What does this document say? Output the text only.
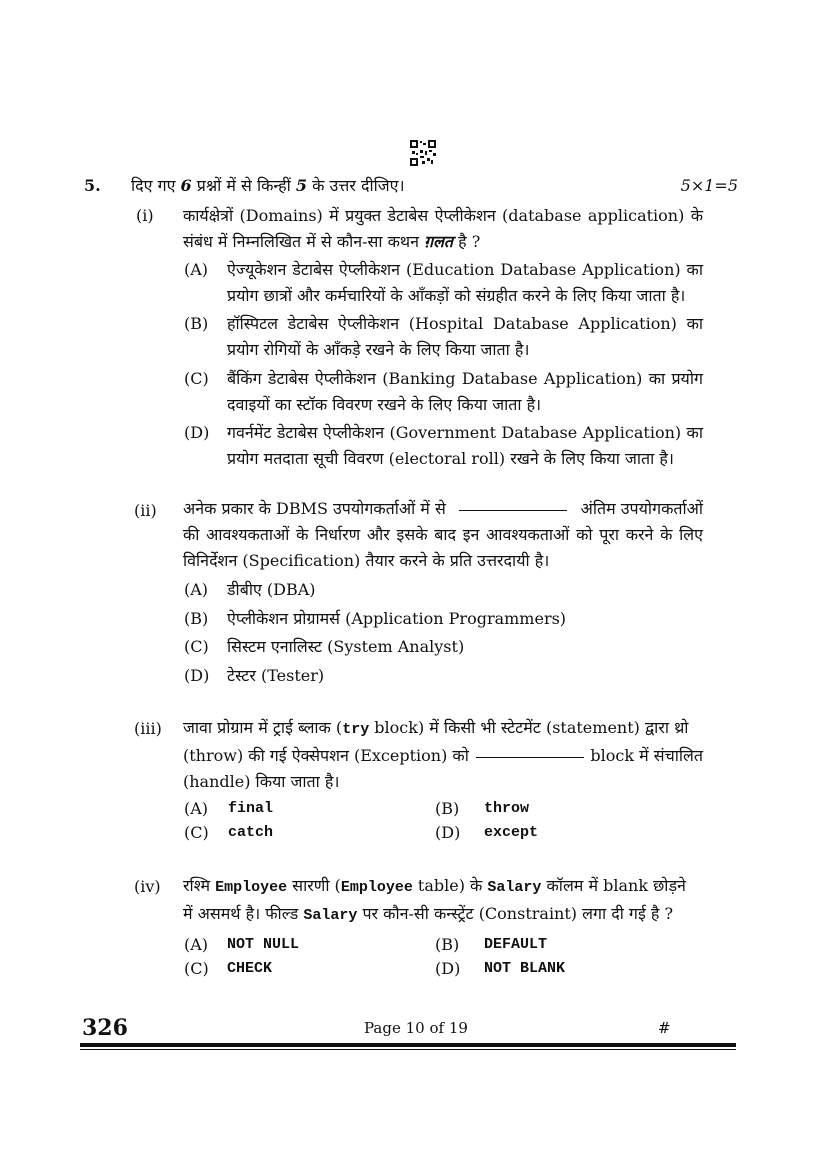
5. दिए गए 6 प्रश्नों में से किन्हीं 5 के उत्तर दीजिए।	5×1=5
(i) कार्यक्षेत्रों (Domains) में प्रयुक्त डेटाबेस ऐप्लीकेशन (database application) के
संबंध में निम्नलिखित में से कौन-सा कथन ग़लत है ?
(A) ऐज्यूकेशन डेटाबेस ऐप्लीकेशन (Education Database Application) का
प्रयोग छात्रों और कर्मचारियों के आँकड़ों को संग्रहीत करने के लिए किया जाता है।
(B) हॉस्पिटल डेटाबेस ऐप्लीकेशन (Hospital Database Application) का
प्रयोग रोगियों के आँकड़े रखने के लिए किया जाता है।
(C) बैंकिंग डेटाबेस ऐप्लीकेशन (Banking Database Application) का प्रयोग
दवाइयों का स्टॉक विवरण रखने के लिए किया जाता है।
(D) गवर्नमेंट डेटाबेस ऐप्लीकेशन (Government Database Application) का
प्रयोग मतदाता सूची विवरण (electoral roll) रखने के लिए किया जाता है।
(ii) अनेक प्रकार के DBMS उपयोगकर्ताओं में से	अंतिम उपयोगकर्ताओं
की आवश्यकताओं के निर्धारण और इसके बाद इन आवश्यकताओं को पूरा करने के लिए
विनिर्देशन (Specification) तैयार करने के प्रति उत्तरदायी है।
(A) डीबीए (DBA)
(B) ऐप्लीकेशन प्रोग्रामर्स (Application Programmers)
(C) सिस्टम एनालिस्ट (System Analyst)
(D) टेस्टर (Tester)
(iii) जावा प्रोग्राम में ट्राई ब्लाक (try block) में किसी भी स्टेटमेंट (statement) द्वारा थ्रो
(throw) की गई ऐक्सेपशन (Exception) को	block में संचालित
(handle) किया जाता है।
(A) final	(B) throw
(C) catch	(D) except
(iv) रश्मि Employee सारणी (Employee table) के Salary कॉलम में blank छोड़ने
में असमर्थ है। फील्ड Salary पर कौन-सी कन्स्ट्रेंट (Constraint) लगा दी गई है ?
(A) NOT NULL	(B) DEFAULT
(C) CHECK	(D) NOT BLANK
326	Page 10 of 19	#
